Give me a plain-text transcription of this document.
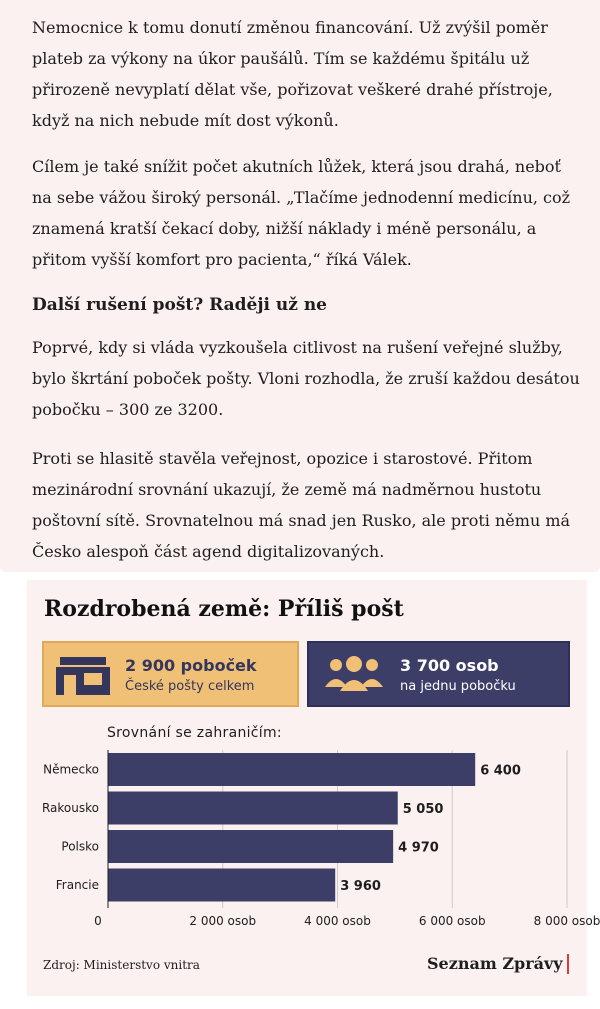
Nemocnice k tomu donutí změnou financování. Už zvýšil poměr plateb za výkony na úkor paušálů. Tím se každému špitálu už přirozeně nevyplatí dělat vše, pořizovat veškeré drahé přístroje, když na nich nebude mít dost výkonů.

Cílem je také snížit počet akutních lůžek, která jsou drahá, neboť na sebe vážou široký personál. „Tlačíme jednodenní medicínu, což znamená kratší čekací doby, nižší náklady i méně personálu, a přitom vyšší komfort pro pacienta,“ říká Válek.

Další rušení pošt? Raději už ne

Poprvé, kdy si vláda vyzkoušela citlivost na rušení veřejné služby, bylo škrtání poboček pošty. Vloni rozhodla, že zruší každou desátou pobočku – 300 ze 3200.

Proti se hlasitě stavěla veřejnost, opozice i starostové. Přitom mezinárodní srovnání ukazují, že země má nadměrnou hustotu poštovní sítě. Srovnatelnou má snad jen Rusko, ale proti němu má Česko alespoň část agend digitalizovaných.

Rozdrobená země: Příliš pošt
2 900 poboček
České pošty celkem
3 700 osob
na jednu pobočku
Srovnání se zahraničím:
Německo	6 400
Rakousko	5 050
Polsko	4 970
Francie	3 960
0	2 000 osob	4 000 osob	6 000 osob	8 000 osob
Zdroj: Ministerstvo vnitra	Seznam Zprávy
